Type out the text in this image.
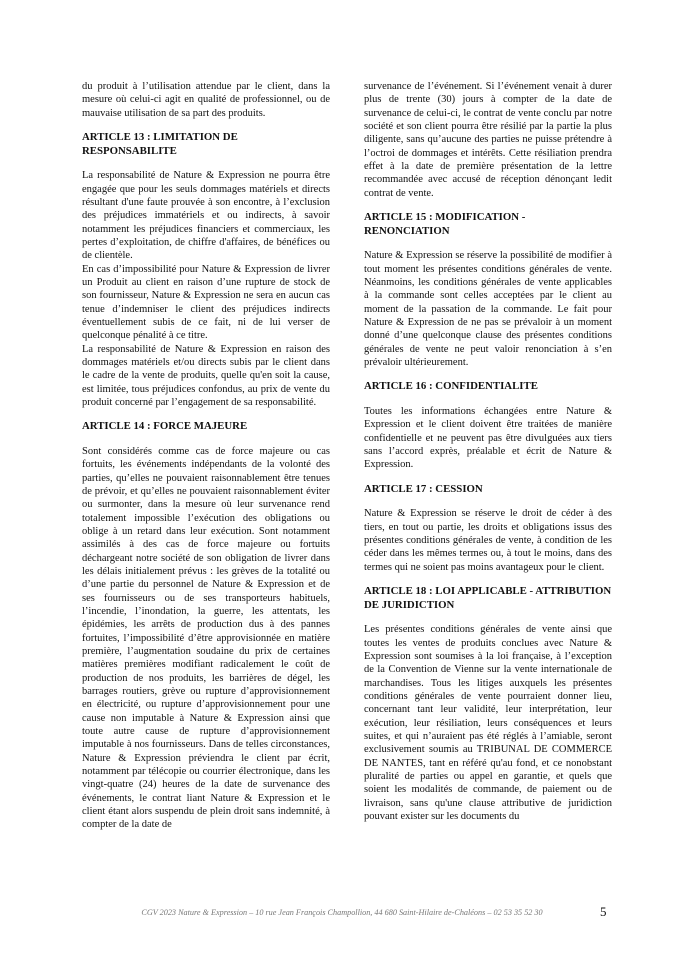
du produit à l’utilisation attendue par le client, dans la mesure où celui-ci agit en qualité de professionnel, ou de mauvaise utilisation de sa part des produits.

ARTICLE 13 : LIMITATION DE RESPONSABILITE

La responsabilité de Nature & Expression ne pourra être engagée que pour les seuls dommages matériels et directs résultant d'une faute prouvée à son encontre, à l’exclusion des préjudices immatériels et ou indirects, à savoir notamment les préjudices financiers et commerciaux, les pertes d’exploitation, de chiffre d'affaires, de bénéfices ou de clientèle.

En cas d’impossibilité pour Nature & Expression de livrer un Produit au client en raison d’une rupture de stock de son fournisseur, Nature & Expression ne sera en aucun cas tenue d’indemniser le client des préjudices indirects éventuellement subis de ce fait, ni de lui verser de quelconque pénalité à ce titre.

La responsabilité de Nature & Expression en raison des dommages matériels et/ou directs subis par le client dans le cadre de la vente de produits, quelle qu'en soit la cause, est limitée, tous préjudices confondus, au prix de vente du produit concerné par l’engagement de sa responsabilité.

ARTICLE 14 : FORCE MAJEURE

Sont considérés comme cas de force majeure ou cas fortuits, les événements indépendants de la volonté des parties, qu’elles ne pouvaient raisonnablement être tenues de prévoir, et qu’elles ne pouvaient raisonnablement éviter ou surmonter, dans la mesure où leur survenance rend totalement impossible l’exécution des obligations ou oblige à un retard dans leur exécution. Sont notamment assimilés à des cas de force majeure ou fortuits déchargeant notre société de son obligation de livrer dans les délais initialement prévus : les grèves de la totalité ou d’une partie du personnel de Nature & Expression et de ses fournisseurs ou de ses transporteurs habituels, l’incendie, l’inondation, la guerre, les attentats, les épidémies, les arrêts de production dus à des pannes fortuites, l’impossibilité d’être approvisionnée en matière première, l’augmentation soudaine du prix de certaines matières premières modifiant radicalement le coût de production de nos produits, les barrières de dégel, les barrages routiers, grève ou rupture d’approvisionnement en électricité, ou rupture d’approvisionnement pour une cause non imputable à Nature & Expression ainsi que toute autre cause de rupture d’approvisionnement imputable à nos fournisseurs. Dans de telles circonstances, Nature & Expression préviendra le client par écrit, notamment par télécopie ou courrier électronique, dans les vingt-quatre (24) heures de la date de survenance des événements, le contrat liant Nature & Expression et le client étant alors suspendu de plein droit sans indemnité, à compter de la date de

survenance de l’événement. Si l’événement venait à durer plus de trente (30) jours à compter de la date de survenance de celui-ci, le contrat de vente conclu par notre société et son client pourra être résilié par la partie la plus diligente, sans qu’aucune des parties ne puisse prétendre à l’octroi de dommages et intérêts. Cette résiliation prendra effet à la date de première présentation de la lettre recommandée avec accusé de réception dénonçant ledit contrat de vente.

ARTICLE 15 : MODIFICATION - RENONCIATION

Nature & Expression se réserve la possibilité de modifier à tout moment les présentes conditions générales de vente. Néanmoins, les conditions générales de vente applicables à la commande sont celles acceptées par le client au moment de la passation de la commande. Le fait pour Nature & Expression de ne pas se prévaloir à un moment donné d’une quelconque clause des présentes conditions générales de vente ne peut valoir renonciation à s’en prévaloir ultérieurement.

ARTICLE 16 : CONFIDENTIALITE

Toutes les informations échangées entre Nature & Expression et le client doivent être traitées de manière confidentielle et ne peuvent pas être divulguées aux tiers sans l’accord exprès, préalable et écrit de Nature & Expression.

ARTICLE 17 : CESSION

Nature & Expression se réserve le droit de céder à des tiers, en tout ou partie, les droits et obligations issus des présentes conditions générales de vente, à condition de les céder dans les mêmes termes ou, à tout le moins, dans des termes qui ne soient pas moins avantageux pour le client.

ARTICLE 18 : LOI APPLICABLE - ATTRIBUTION DE JURIDICTION

Les présentes conditions générales de vente ainsi que toutes les ventes de produits conclues avec Nature & Expression sont soumises à la loi française, à l’exception de la Convention de Vienne sur la vente internationale de marchandises. Tous les litiges auxquels les présentes conditions générales de vente pourraient donner lieu, concernant tant leur validité, leur interprétation, leur exécution, leur résiliation, leurs conséquences et leurs suites, et qui n’auraient pas été réglés à l’amiable, seront exclusivement soumis au TRIBUNAL DE COMMERCE DE NANTES, tant en référé qu'au fond, et ce nonobstant pluralité de parties ou appel en garantie, et quels que soient les modalités de commande, de paiement ou de livraison, sans qu'une clause attributive de juridiction pouvant exister sur les documents du

CGV 2023 Nature & Expression – 10 rue Jean François Champollion, 44 680 Saint-Hilaire de-Chaléons – 02 53 35 52 30	5
